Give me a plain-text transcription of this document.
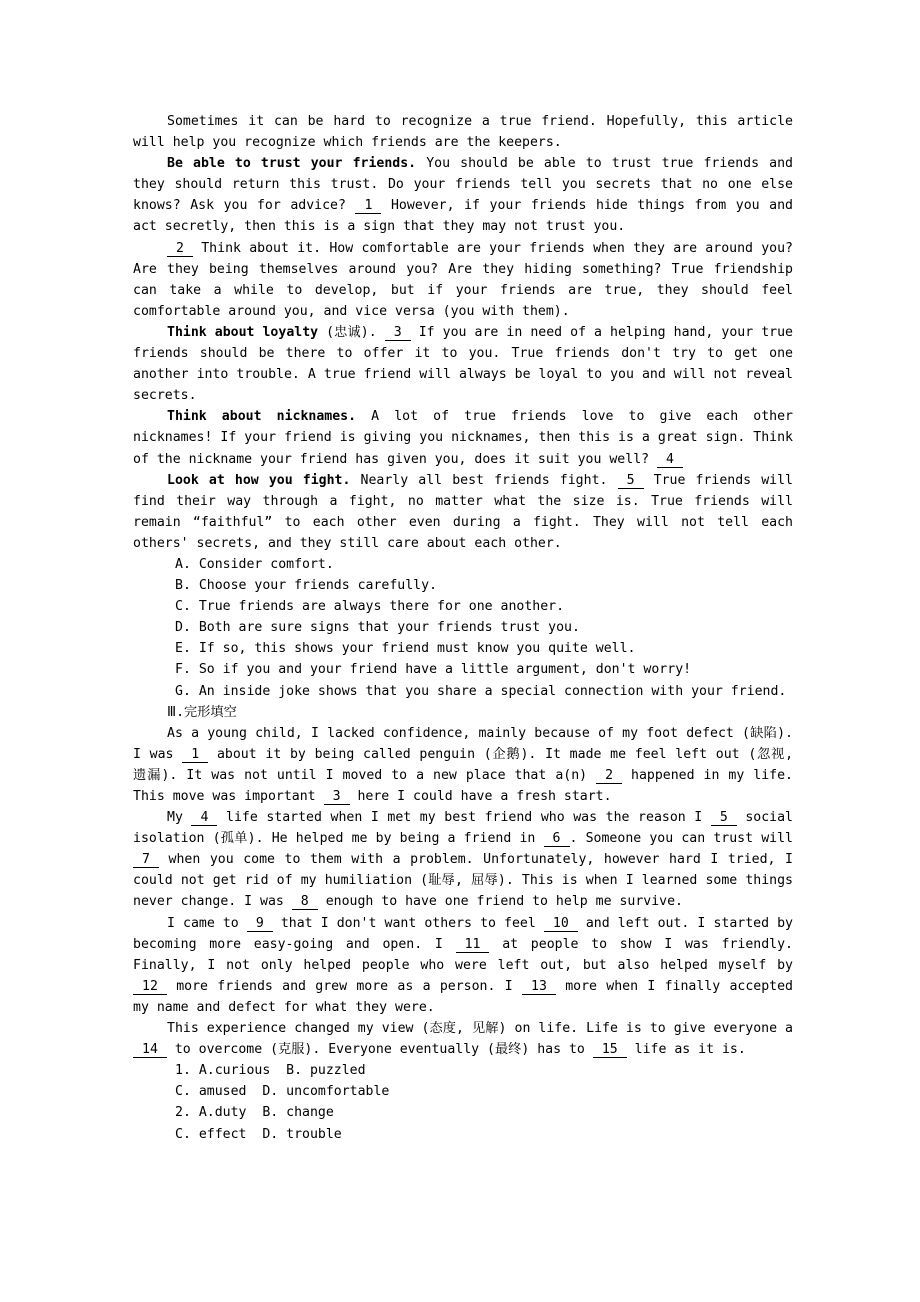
Sometimes it can be hard to recognize a true friend. Hopefully, this article will help you recognize which friends are the keepers.
Be able to trust your friends. You should be able to trust true friends and they should return this trust. Do your friends tell you secrets that no one else knows? Ask you for advice? 1 However, if your friends hide things from you and act secretly, then this is a sign that they may not trust you.
2 Think about it. How comfortable are your friends when they are around you? Are they being themselves around you? Are they hiding something? True friendship can take a while to develop, but if your friends are true, they should feel comfortable around you, and vice versa (you with them).
Think about loyalty (忠诚). 3 If you are in need of a helping hand, your true friends should be there to offer it to you. True friends don't try to get one another into trouble. A true friend will always be loyal to you and will not reveal secrets.
Think about nicknames. A lot of true friends love to give each other nicknames! If your friend is giving you nicknames, then this is a great sign. Think of the nickname your friend has given you, does it suit you well? 4
Look at how you fight. Nearly all best friends fight. 5 True friends will find their way through a fight, no matter what the size is. True friends will remain “faithful” to each other even during a fight. They will not tell each others' secrets, and they still care about each other.
A. Consider comfort.
B. Choose your friends carefully.
C. True friends are always there for one another.
D. Both are sure signs that your friends trust you.
E. If so, this shows your friend must know you quite well.
F. So if you and your friend have a little argument, don't worry!
G. An inside joke shows that you share a special connection with your friend.
Ⅲ.完形填空
As a young child, I lacked confidence, mainly because of my foot defect (缺陷). I was 1 about it by being called penguin (企鹅). It made me feel left out (忽视, 遗漏). It was not until I moved to a new place that a(n) 2 happened in my life. This move was important 3 here I could have a fresh start.
My 4 life started when I met my best friend who was the reason I 5 social isolation (孤单). He helped me by being a friend in 6 . Someone you can trust will 7 when you come to them with a problem. Unfortunately, however hard I tried, I could not get rid of my humiliation (耻辱, 屈辱). This is when I learned some things never change. I was 8 enough to have one friend to help me survive.
I came to 9 that I don't want others to feel 10 and left out. I started by becoming more easy-going and open. I 11 at people to show I was friendly. Finally, I not only helped people who were left out, but also helped myself by 12 more friends and grew more as a person. I 13 more when I finally accepted my name and defect for what they were.
This experience changed my view (态度, 见解) on life. Life is to give everyone a 14 to overcome (克服). Everyone eventually (最终) has to 15 life as it is.
1. A.curious  B. puzzled
C. amused  D. uncomfortable
2. A.duty  B. change
C. effect  D. trouble
